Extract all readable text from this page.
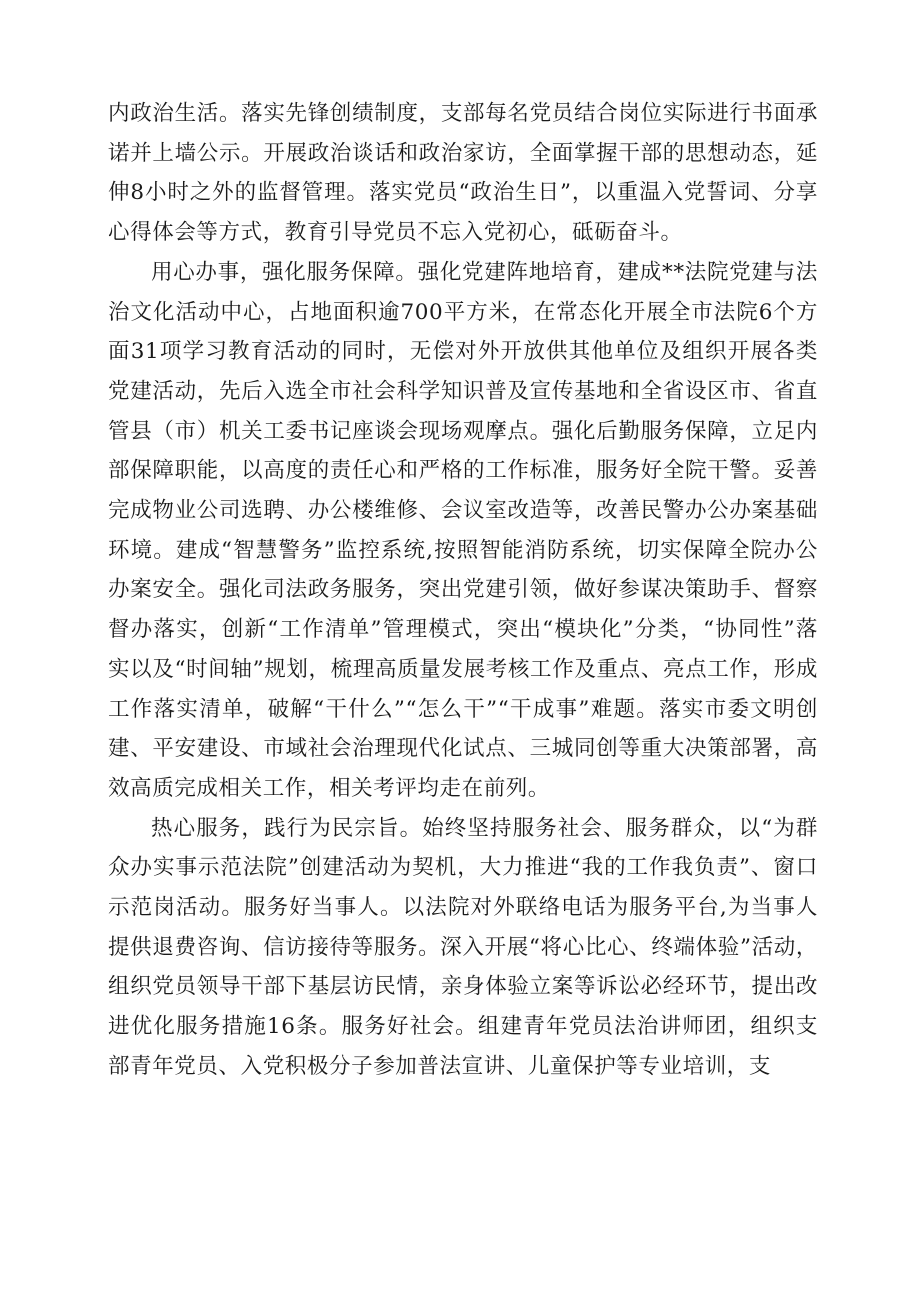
内政治生活。落实先锋创绩制度，支部每名党员结合岗位实际进行书面承诺并上墙公示。开展政治谈话和政治家访，全面掌握干部的思想动态，延伸8小时之外的监督管理。落实党员“政治生日”，以重温入党誓词、分享心得体会等方式，教育引导党员不忘入党初心，砥砺奋斗。

用心办事，强化服务保障。强化党建阵地培育，建成**法院党建与法治文化活动中心，占地面积逾700平方米，在常态化开展全市法院6个方面31项学习教育活动的同时，无偿对外开放供其他单位及组织开展各类党建活动，先后入选全市社会科学知识普及宣传基地和全省设区市、省直管县（市）机关工委书记座谈会现场观摩点。强化后勤服务保障，立足内部保障职能，以高度的责任心和严格的工作标准，服务好全院干警。妥善完成物业公司选聘、办公楼维修、会议室改造等，改善民警办公办案基础环境。建成“智慧警务”监控系统,按照智能消防系统，切实保障全院办公办案安全。强化司法政务服务，突出党建引领，做好参谋决策助手、督察督办落实，创新“工作清单”管理模式，突出“模块化”分类，“协同性”落实以及“时间轴”规划，梳理高质量发展考核工作及重点、亮点工作，形成工作落实清单，破解“干什么”“怎么干”“干成事”难题。落实市委文明创建、平安建设、市域社会治理现代化试点、三城同创等重大决策部署，高效高质完成相关工作，相关考评均走在前列。

热心服务，践行为民宗旨。始终坚持服务社会、服务群众，以“为群众办实事示范法院”创建活动为契机，大力推进“我的工作我负责”、窗口示范岗活动。服务好当事人。以法院对外联络电话为服务平台,为当事人提供退费咨询、信访接待等服务。深入开展“将心比心、终端体验”活动，组织党员领导干部下基层访民情，亲身体验立案等诉讼必经环节，提出改进优化服务措施16条。服务好社会。组建青年党员法治讲师团，组织支部青年党员、入党积极分子参加普法宣讲、儿童保护等专业培训，支
